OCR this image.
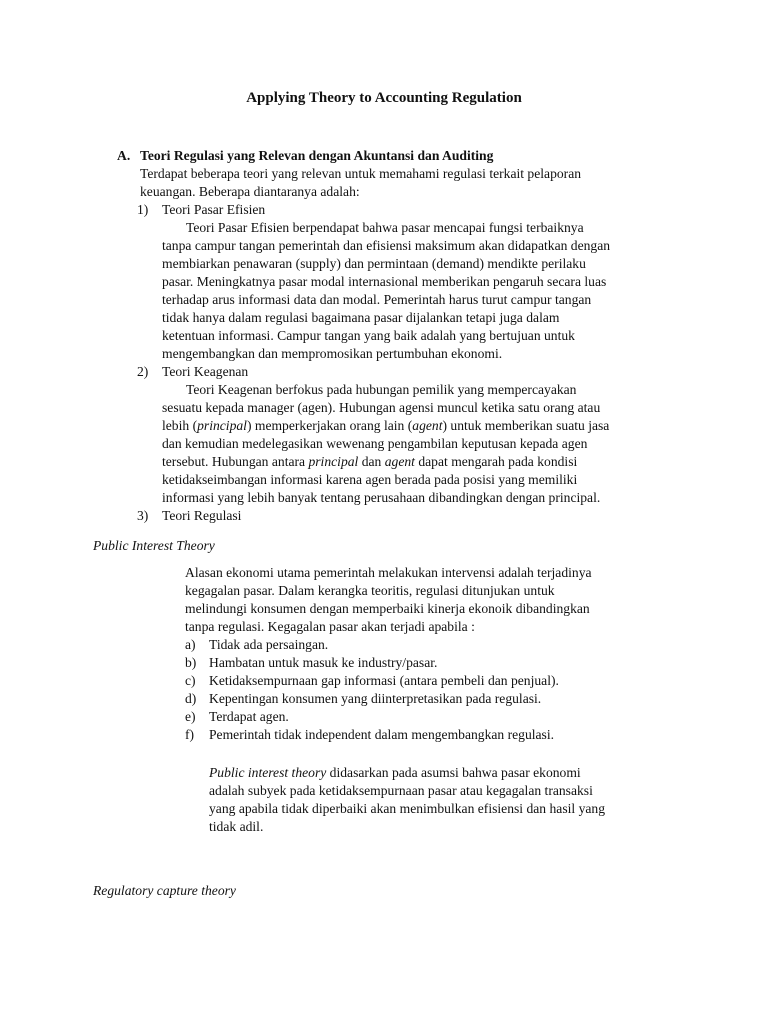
Applying Theory to Accounting Regulation
A. Teori Regulasi yang Relevan dengan Akuntansi dan Auditing
Terdapat beberapa teori yang relevan untuk memahami regulasi terkait pelaporan
keuangan. Beberapa diantaranya adalah:
1) Teori Pasar Efisien
Teori Pasar Efisien berpendapat bahwa pasar mencapai fungsi terbaiknya
tanpa campur tangan pemerintah dan efisiensi maksimum akan didapatkan dengan
membiarkan penawaran (supply) dan permintaan (demand) mendikte perilaku
pasar. Meningkatnya pasar modal internasional memberikan pengaruh secara luas
terhadap arus informasi data dan modal. Pemerintah harus turut campur tangan
tidak hanya dalam regulasi bagaimana pasar dijalankan tetapi juga dalam
ketentuan informasi. Campur tangan yang baik adalah yang bertujuan untuk
mengembangkan dan mempromosikan pertumbuhan ekonomi.
2) Teori Keagenan
Teori Keagenan berfokus pada hubungan pemilik yang mempercayakan
sesuatu kepada manager (agen). Hubungan agensi muncul ketika satu orang atau
lebih (principal) memperkerjakan orang lain (agent) untuk memberikan suatu jasa
dan kemudian medelegasikan wewenang pengambilan keputusan kepada agen
tersebut. Hubungan antara principal dan agent dapat mengarah pada kondisi
ketidakseimbangan informasi karena agen berada pada posisi yang memiliki
informasi yang lebih banyak tentang perusahaan dibandingkan dengan principal.
3) Teori Regulasi
Public Interest Theory
Alasan ekonomi utama pemerintah melakukan intervensi adalah terjadinya
kegagalan pasar. Dalam kerangka teoritis, regulasi ditunjukan untuk
melindungi konsumen dengan memperbaiki kinerja ekonoik dibandingkan
tanpa regulasi. Kegagalan pasar akan terjadi apabila :
a) Tidak ada persaingan.
b) Hambatan untuk masuk ke industry/pasar.
c) Ketidaksempurnaan gap informasi (antara pembeli dan penjual).
d) Kepentingan konsumen yang diinterpretasikan pada regulasi.
e) Terdapat agen.
f) Pemerintah tidak independent dalam mengembangkan regulasi.
Public interest theory didasarkan pada asumsi bahwa pasar ekonomi
adalah subyek pada ketidaksempurnaan pasar atau kegagalan transaksi
yang apabila tidak diperbaiki akan menimbulkan efisiensi dan hasil yang
tidak adil.
Regulatory capture theory
